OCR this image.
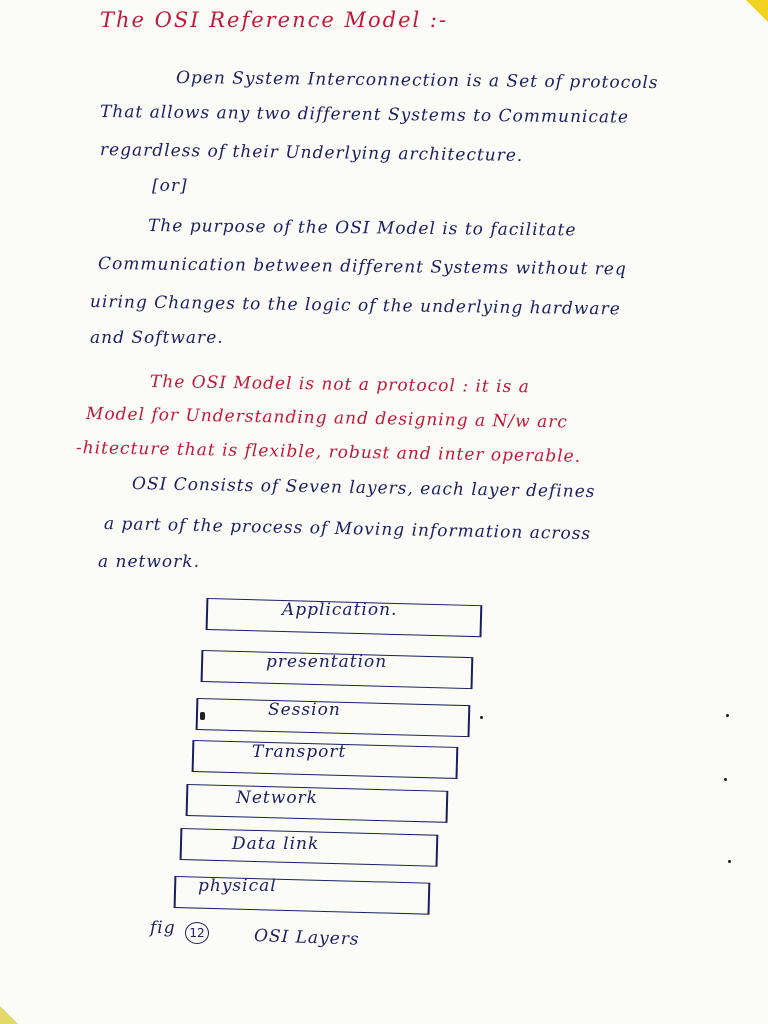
The OSI Reference Model :-
Open System Interconnection is a Set of protocols
That allows any two different Systems to Communicate
regardless of their Underlying architecture.
[or]
The purpose of the OSI Model is to facilitate
Communication between different Systems without req
uiring Changes to the logic of the underlying hardware
and Software.
The OSI Model is not a protocol : it is a
Model for Understanding and designing a N/w arc
-hitecture that is flexible, robust and inter operable.
OSI Consists of Seven layers, each layer defines
a part of the process of Moving information across
a network.
Application.
presentation
Session
Transport
Network
Data link
physical
fig	12	OSI Layers
